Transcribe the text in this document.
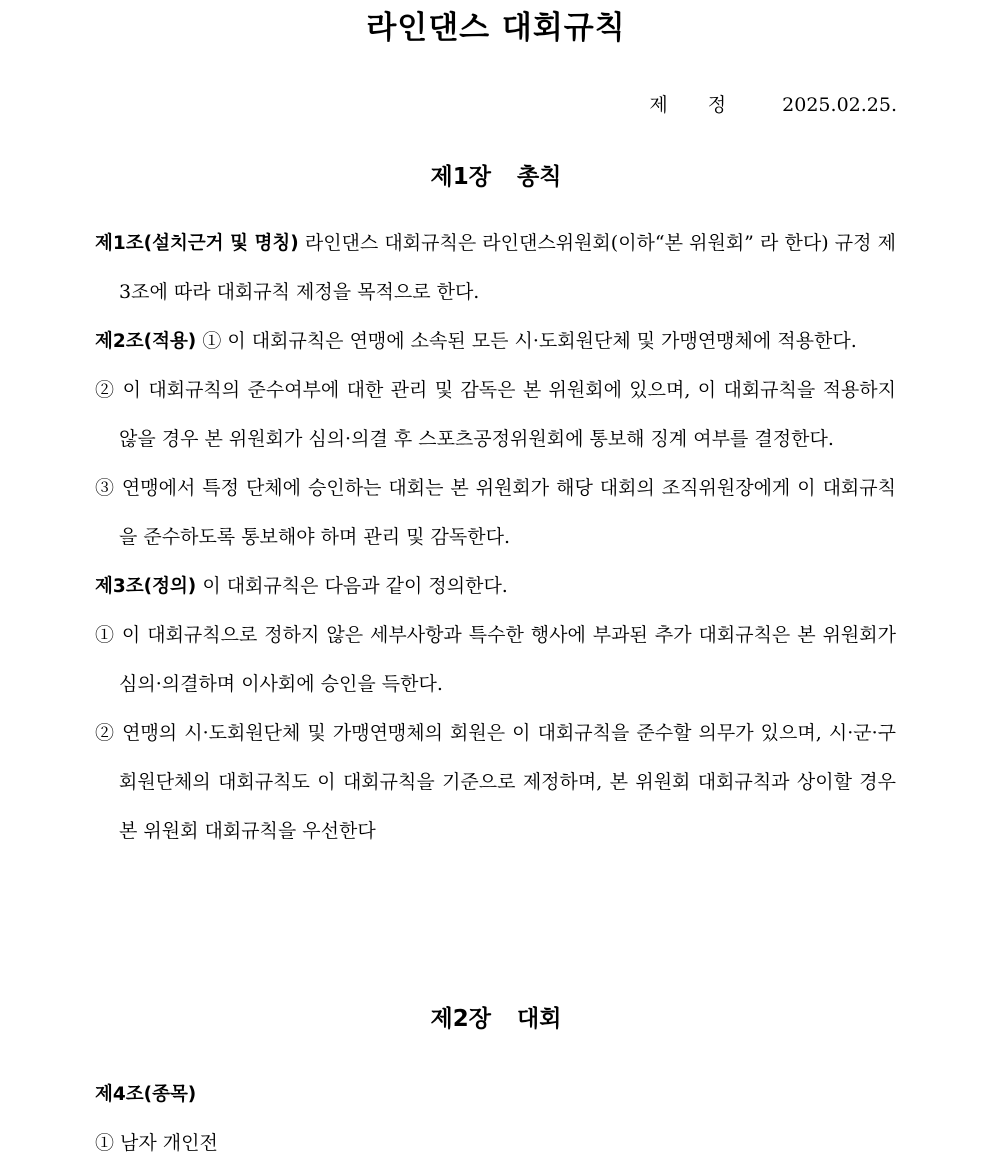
라인댄스 대회규칙
제정 2025.02.25.
제1장 총칙

제1조(설치근거 및 명칭) 라인댄스 대회규칙은 라인댄스위원회(이하“본 위원회” 라 한다) 규정 제3조에 따라 대회규칙 제정을 목적으로 한다.

제2조(적용) ① 이 대회규칙은 연맹에 소속된 모든 시·도회원단체 및 가맹연맹체에 적용한다.

② 이 대회규칙의 준수여부에 대한 관리 및 감독은 본 위원회에 있으며, 이 대회규칙을 적용하지 않을 경우 본 위원회가 심의·의결 후 스포츠공정위원회에 통보해 징계 여부를 결정한다.

③ 연맹에서 특정 단체에 승인하는 대회는 본 위원회가 해당 대회의 조직위원장에게 이 대회규칙을 준수하도록 통보해야 하며 관리 및 감독한다.

제3조(정의) 이 대회규칙은 다음과 같이 정의한다.

① 이 대회규칙으로 정하지 않은 세부사항과 특수한 행사에 부과된 추가 대회규칙은 본 위원회가 심의·의결하며 이사회에 승인을 득한다.

② 연맹의 시·도회원단체 및 가맹연맹체의 회원은 이 대회규칙을 준수할 의무가 있으며, 시·군·구회원단체의 대회규칙도 이 대회규칙을 기준으로 제정하며, 본 위원회 대회규칙과 상이할 경우 본 위원회 대회규칙을 우선한다

제2장 대회

제4조(종목)

① 남자 개인전
